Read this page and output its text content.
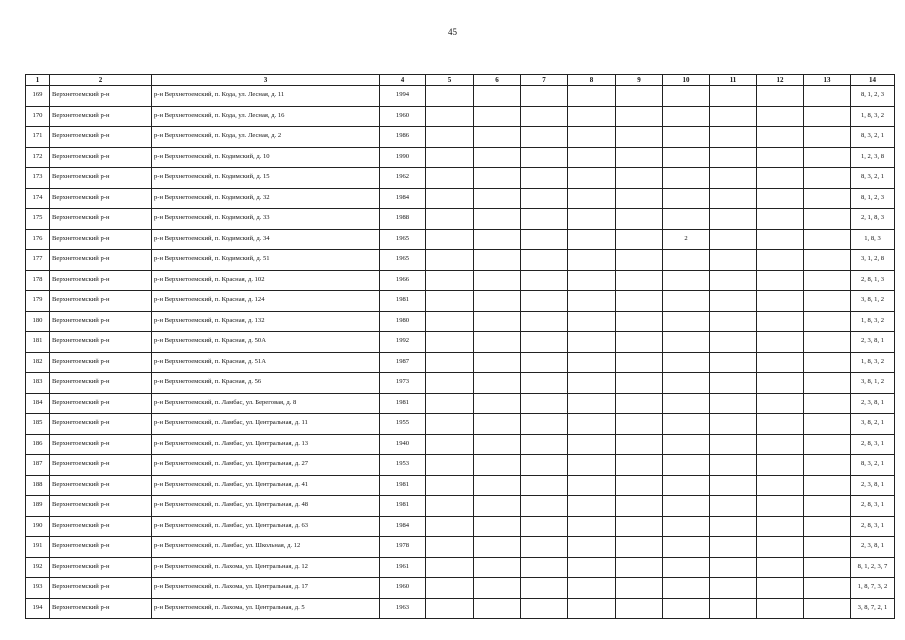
45
1	2	3	4	5	6	7	8	9	10	11	12	13	14
169	Верхнетоемский р-н	р-н Верхнетоемский, п. Кода, ул. Лесная, д. 11	1994										8, 1, 2, 3
170	Верхнетоемский р-н	р-н Верхнетоемский, п. Кода, ул. Лесная, д. 16	1960										1, 8, 3, 2
171	Верхнетоемский р-н	р-н Верхнетоемский, п. Кода, ул. Лесная, д. 2	1986										8, 3, 2, 1
172	Верхнетоемский р-н	р-н Верхнетоемский, п. Кодимский, д. 10	1990										1, 2, 3, 8
173	Верхнетоемский р-н	р-н Верхнетоемский, п. Кодимский, д. 15	1962										8, 3, 2, 1
174	Верхнетоемский р-н	р-н Верхнетоемский, п. Кодимский, д. 32	1984										8, 1, 2, 3
175	Верхнетоемский р-н	р-н Верхнетоемский, п. Кодимский, д. 33	1988										2, 1, 8, 3
176	Верхнетоемский р-н	р-н Верхнетоемский, п. Кодимский, д. 34	1965						2				1, 8, 3
177	Верхнетоемский р-н	р-н Верхнетоемский, п. Кодимский, д. 51	1965										3, 1, 2, 8
178	Верхнетоемский р-н	р-н Верхнетоемский, п. Красная, д. 102	1966										2, 8, 1, 3
179	Верхнетоемский р-н	р-н Верхнетоемский, п. Красная, д. 124	1981										3, 8, 1, 2
180	Верхнетоемский р-н	р-н Верхнетоемский, п. Красная, д. 132	1980										1, 8, 3, 2
181	Верхнетоемский р-н	р-н Верхнетоемский, п. Красная, д. 50А	1992										2, 3, 8, 1
182	Верхнетоемский р-н	р-н Верхнетоемский, п. Красная, д. 51А	1987										1, 8, 3, 2
183	Верхнетоемский р-н	р-н Верхнетоемский, п. Красная, д. 56	1973										3, 8, 1, 2
184	Верхнетоемский р-н	р-н Верхнетоемский, п. Ламбас, ул. Береговая, д. 8	1981										2, 3, 8, 1
185	Верхнетоемский р-н	р-н Верхнетоемский, п. Ламбас, ул. Центральная, д. 11	1955										3, 8, 2, 1
186	Верхнетоемский р-н	р-н Верхнетоемский, п. Ламбас, ул. Центральная, д. 13	1940										2, 8, 3, 1
187	Верхнетоемский р-н	р-н Верхнетоемский, п. Ламбас, ул. Центральная, д. 27	1953										8, 3, 2, 1
188	Верхнетоемский р-н	р-н Верхнетоемский, п. Ламбас, ул. Центральная, д. 41	1981										2, 3, 8, 1
189	Верхнетоемский р-н	р-н Верхнетоемский, п. Ламбас, ул. Центральная, д. 48	1981										2, 8, 3, 1
190	Верхнетоемский р-н	р-н Верхнетоемский, п. Ламбас, ул. Центральная, д. 63	1984										2, 8, 3, 1
191	Верхнетоемский р-н	р-н Верхнетоемский, п. Ламбас, ул. Школьная, д. 12	1978										2, 3, 8, 1
192	Верхнетоемский р-н	р-н Верхнетоемский, п. Лахома, ул. Центральная, д. 12	1961										8, 1, 2, 3, 7
193	Верхнетоемский р-н	р-н Верхнетоемский, п. Лахома, ул. Центральная, д. 17	1960										1, 8, 7, 3, 2
194	Верхнетоемский р-н	р-н Верхнетоемский, п. Лахома, ул. Центральная, д. 5	1963										3, 8, 7, 2, 1
